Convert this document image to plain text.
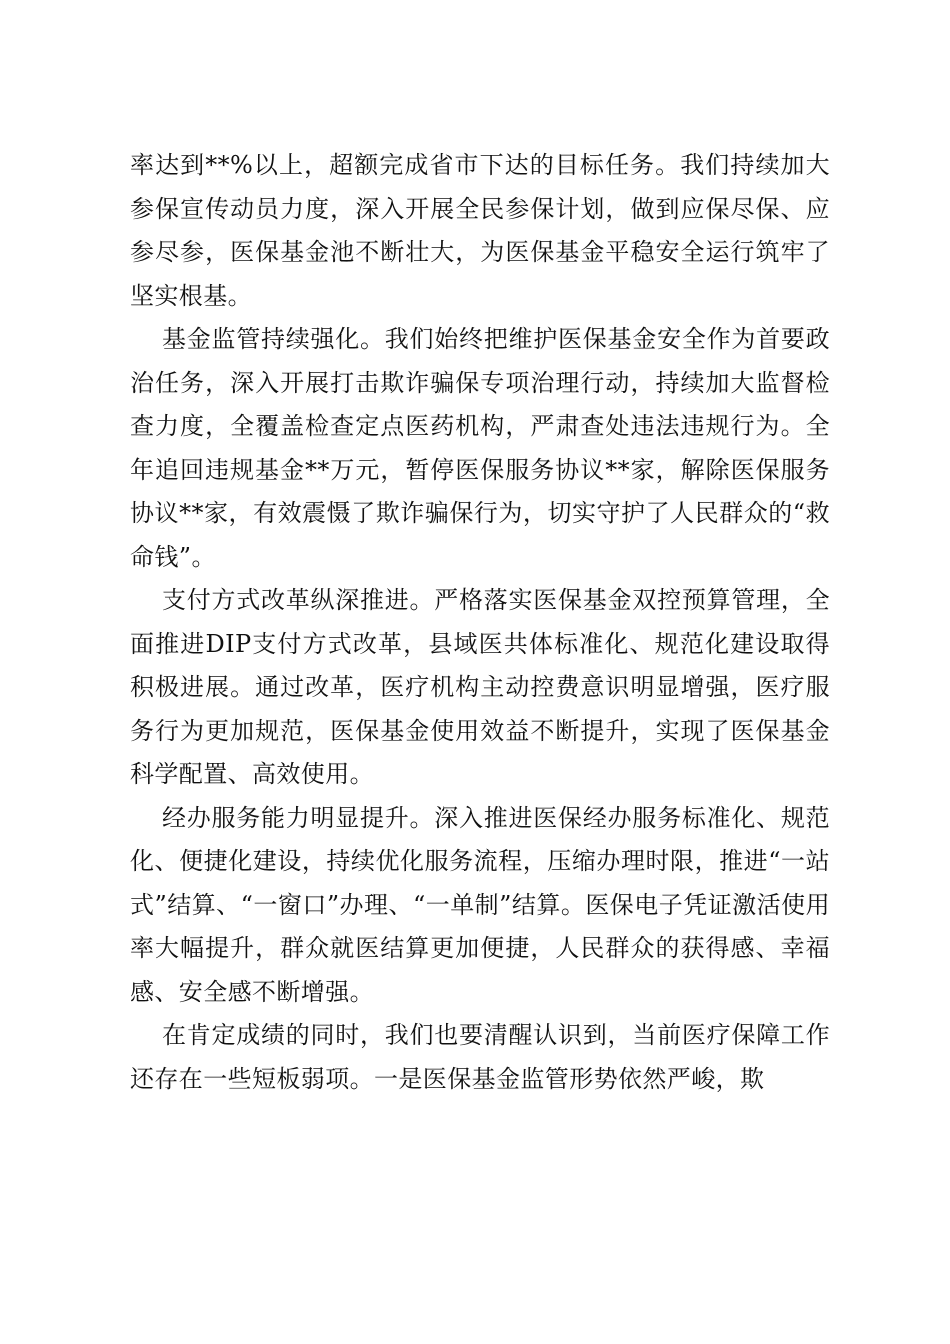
率达到**%以上，超额完成省市下达的目标任务。我们持续加大参保宣传动员力度，深入开展全民参保计划，做到应保尽保、应参尽参，医保基金池不断壮大，为医保基金平稳安全运行筑牢了坚实根基。

基金监管持续强化。我们始终把维护医保基金安全作为首要政治任务，深入开展打击欺诈骗保专项治理行动，持续加大监督检查力度，全覆盖检查定点医药机构，严肃查处违法违规行为。全年追回违规基金**万元，暂停医保服务协议**家，解除医保服务协议**家，有效震慑了欺诈骗保行为，切实守护了人民群众的“救命钱”。

支付方式改革纵深推进。严格落实医保基金双控预算管理，全面推进DIP支付方式改革，县域医共体标准化、规范化建设取得积极进展。通过改革，医疗机构主动控费意识明显增强，医疗服务行为更加规范，医保基金使用效益不断提升，实现了医保基金科学配置、高效使用。

经办服务能力明显提升。深入推进医保经办服务标准化、规范化、便捷化建设，持续优化服务流程，压缩办理时限，推进“一站式”结算、“一窗口”办理、“一单制”结算。医保电子凭证激活使用率大幅提升，群众就医结算更加便捷，人民群众的获得感、幸福感、安全感不断增强。

在肯定成绩的同时，我们也要清醒认识到，当前医疗保障工作还存在一些短板弱项。一是医保基金监管形势依然严峻，欺
